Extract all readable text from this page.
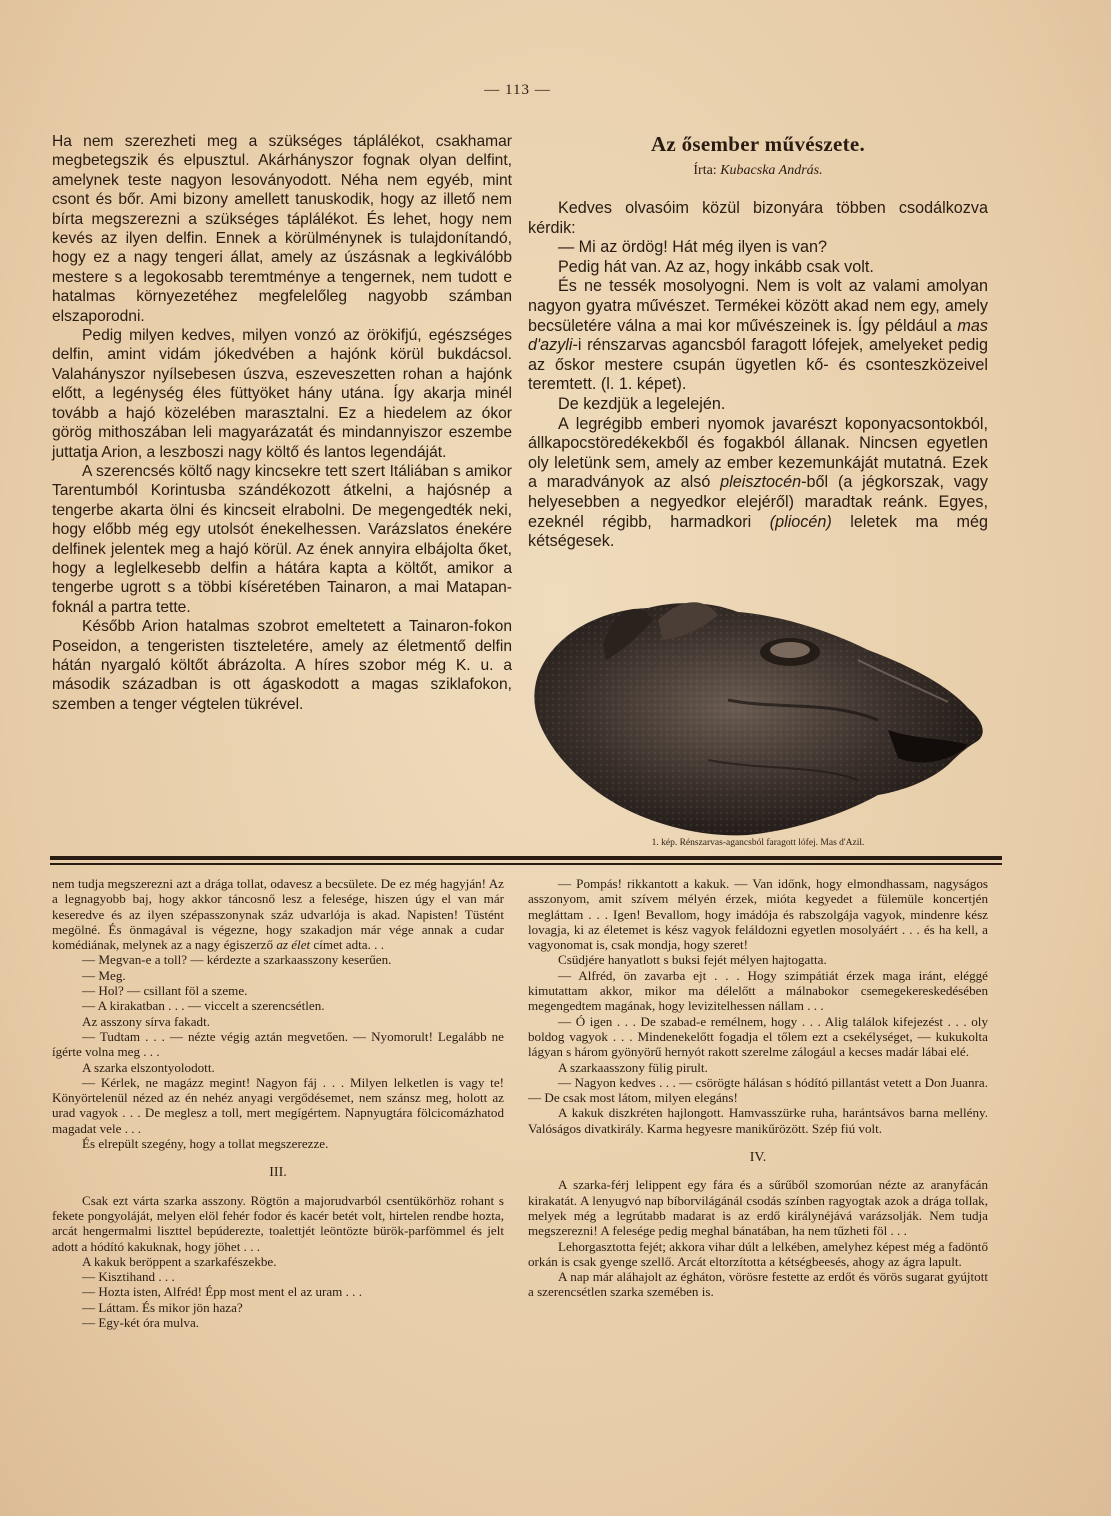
— 113 —

Ha nem szerezheti meg a szükséges táplálékot, csakhamar megbetegszik és elpusztul. Akárhányszor fognak olyan delfint, amelynek teste nagyon lesoványodott. Néha nem egyéb, mint csont és bőr. Ami bizony amellett tanuskodik, hogy az illető nem bírta megszerezni a szükséges táplálékot. És lehet, hogy nem kevés az ilyen delfin. Ennek a körülménynek is tulajdonítandó, hogy ez a nagy tengeri állat, amely az úszásnak a legkiválóbb mestere s a legokosabb teremtménye a tengernek, nem tudott e hatalmas környezetéhez megfelelőleg nagyobb számban elszaporodni.

Pedig milyen kedves, milyen vonzó az örökifjú, egészséges delfin, amint vidám jókedvében a hajónk körül bukdácsol. Valahányszor nyílsebesen úszva, eszeveszetten rohan a hajónk előtt, a legénység éles füttyöket hány utána. Így akarja minél tovább a hajó közelében marasztalni. Ez a hiedelem az ókor görög mithoszában leli magyarázatát és mindannyiszor eszembe juttatja Arion, a leszboszi nagy költő és lantos legendáját.

A szerencsés költő nagy kincsekre tett szert Itáliában s amikor Tarentumból Korintusba szándékozott átkelni, a hajósnép a tengerbe akarta ölni és kincseit elrabolni. De megengedték neki, hogy előbb még egy utolsót énekelhessen. Varázslatos énekére delfinek jelentek meg a hajó körül. Az ének annyira elbájolta őket, hogy a leglelkesebb delfin a hátára kapta a költőt, amikor a tengerbe ugrott s a többi kíséretében Tainaron, a mai Matapan-foknál a partra tette.

Később Arion hatalmas szobrot emeltetett a Tainaron-fokon Poseidon, a tengeristen tiszteletére, amely az életmentő delfin hátán nyargaló költőt ábrázolta. A híres szobor még K. u. a második században is ott ágaskodott a magas sziklafokon, szemben a tenger végtelen tükrével.

Az ősember művészete.
Írta: Kubacska András.

Kedves olvasóim közül bizonyára többen csodálkozva kérdik:

— Mi az ördög! Hát még ilyen is van?

Pedig hát van. Az az, hogy inkább csak volt.

És ne tessék mosolyogni. Nem is volt az valami amolyan nagyon gyatra művészet. Termékei között akad nem egy, amely becsületére válna a mai kor művészeinek is. Így például a mas d'azyli-i rénszarvas agancsból faragott lófejek, amelyeket pedig az őskor mestere csupán ügyetlen kő- és csonteszközeivel teremtett. (l. 1. képet).

De kezdjük a legelején.

A legrégibb emberi nyomok javarészt koponyacsontokból, állkapocstöredékekből és fogakból állanak. Nincsen egyetlen oly leletünk sem, amely az ember kezemunkáját mutatná. Ezek a maradványok az alsó pleisztocén-ből (a jégkorszak, vagy helyesebben a negyedkor elejéről) maradtak reánk. Egyes, ezeknél régibb, harmadkori (pliocén) leletek ma még kétségesek.

1. kép. Rénszarvas-agancsból faragott lófej. Mas d'Azil.

nem tudja megszerezni azt a drága tollat, odavesz a becsülete. De ez még hagyján! Az a legnagyobb baj, hogy akkor táncosnő lesz a felesége, hiszen úgy el van már keseredve és az ilyen szépasszonynak száz udvarlója is akad. Napisten! Tüstént megölné. És önmagával is végezne, hogy szakadjon már vége annak a cudar komédiának, melynek az a nagy égiszerző az élet címet adta. . .

— Megvan-e a toll? — kérdezte a szarkaasszony keserűen.

— Meg.

— Hol? — csillant föl a szeme.

— A kirakatban . . . — viccelt a szerencsétlen.

Az asszony sírva fakadt.

— Tudtam . . . — nézte végig aztán megvetően. — Nyomorult! Legalább ne ígérte volna meg . . .

A szarka elszontyolodott.

— Kérlek, ne magázz megint! Nagyon fáj . . . Milyen lelketlen is vagy te! Könyörtelenül nézed az én nehéz anyagi vergődésemet, nem szánsz meg, holott az urad vagyok . . . De meglesz a toll, mert megígértem. Napnyugtára fölcicomázhatod magadat vele . . .

És elrepült szegény, hogy a tollat megszerezze.

III.

Csak ezt várta szarka asszony. Rögtön a majorudvarból csentükörhöz rohant s fekete pongyoláját, melyen elöl fehér fodor és kacér betét volt, hirtelen rendbe hozta, arcát hengermalmi liszttel bepúderezte, toalettjét leöntözte bürök-parfömmel és jelt adott a hódító kakuknak, hogy jöhet . . .

A kakuk beröppent a szarkafészekbe.

— Kisztihand . . .

— Hozta isten, Alfréd! Épp most ment el az uram . . .

— Láttam. És mikor jön haza?

— Egy-két óra mulva.

— Pompás! rikkantott a kakuk. — Van időnk, hogy elmondhassam, nagyságos asszonyom, amit szívem mélyén érzek, mióta kegyedet a fülemüle koncertjén megláttam . . . Igen! Bevallom, hogy imádója és rabszolgája vagyok, mindenre kész lovagja, ki az életemet is kész vagyok feláldozni egyetlen mosolyáért . . . és ha kell, a vagyonomat is, csak mondja, hogy szeret!

Csüdjére hanyatlott s buksi fejét mélyen hajtogatta.

— Alfréd, ön zavarba ejt . . . Hogy szimpátiát érzek maga iránt, eléggé kimutattam akkor, mikor ma délelőtt a málnabokor csemegekereskedésében megengedtem magának, hogy levizitelhessen nállam . . .

— Ó igen . . . De szabad-e remélnem, hogy . . . Alig találok kifejezést . . . oly boldog vagyok . . . Mindenekelőtt fogadja el tőlem ezt a csekélységet, — kukukolta lágyan s három gyönyörű hernyót rakott szerelme zálogául a kecses madár lábai elé.

A szarkaasszony fülig pirult.

— Nagyon kedves . . . — csörögte hálásan s hódító pillantást vetett a Don Juanra. — De csak most látom, milyen elegáns!

A kakuk diszkréten hajlongott. Hamvasszürke ruha, harántsávos barna mellény. Valóságos divatkirály. Karma hegyesre manikűrözött. Szép fiú volt.

IV.

A szarka-férj lelippent egy fára és a sűrűből szomorúan nézte az aranyfácán kirakatát. A lenyugvó nap bíborvilágánál csodás színben ragyogtak azok a drága tollak, melyek még a legrútabb madarat is az erdő királynéjává varázsolják. Nem tudja megszerezni! A felesége pedig meghal bánatában, ha nem tűzheti föl . . .

Lehorgasztotta fejét; akkora vihar dúlt a lelkében, amelyhez képest még a fadöntő orkán is csak gyenge szellő. Arcát eltorzította a kétségbeesés, ahogy az ágra lapult.

A nap már aláhajolt az égháton, vörösre festette az erdőt és vörös sugarat gyújtott a szerencsétlen szarka szemében is.
